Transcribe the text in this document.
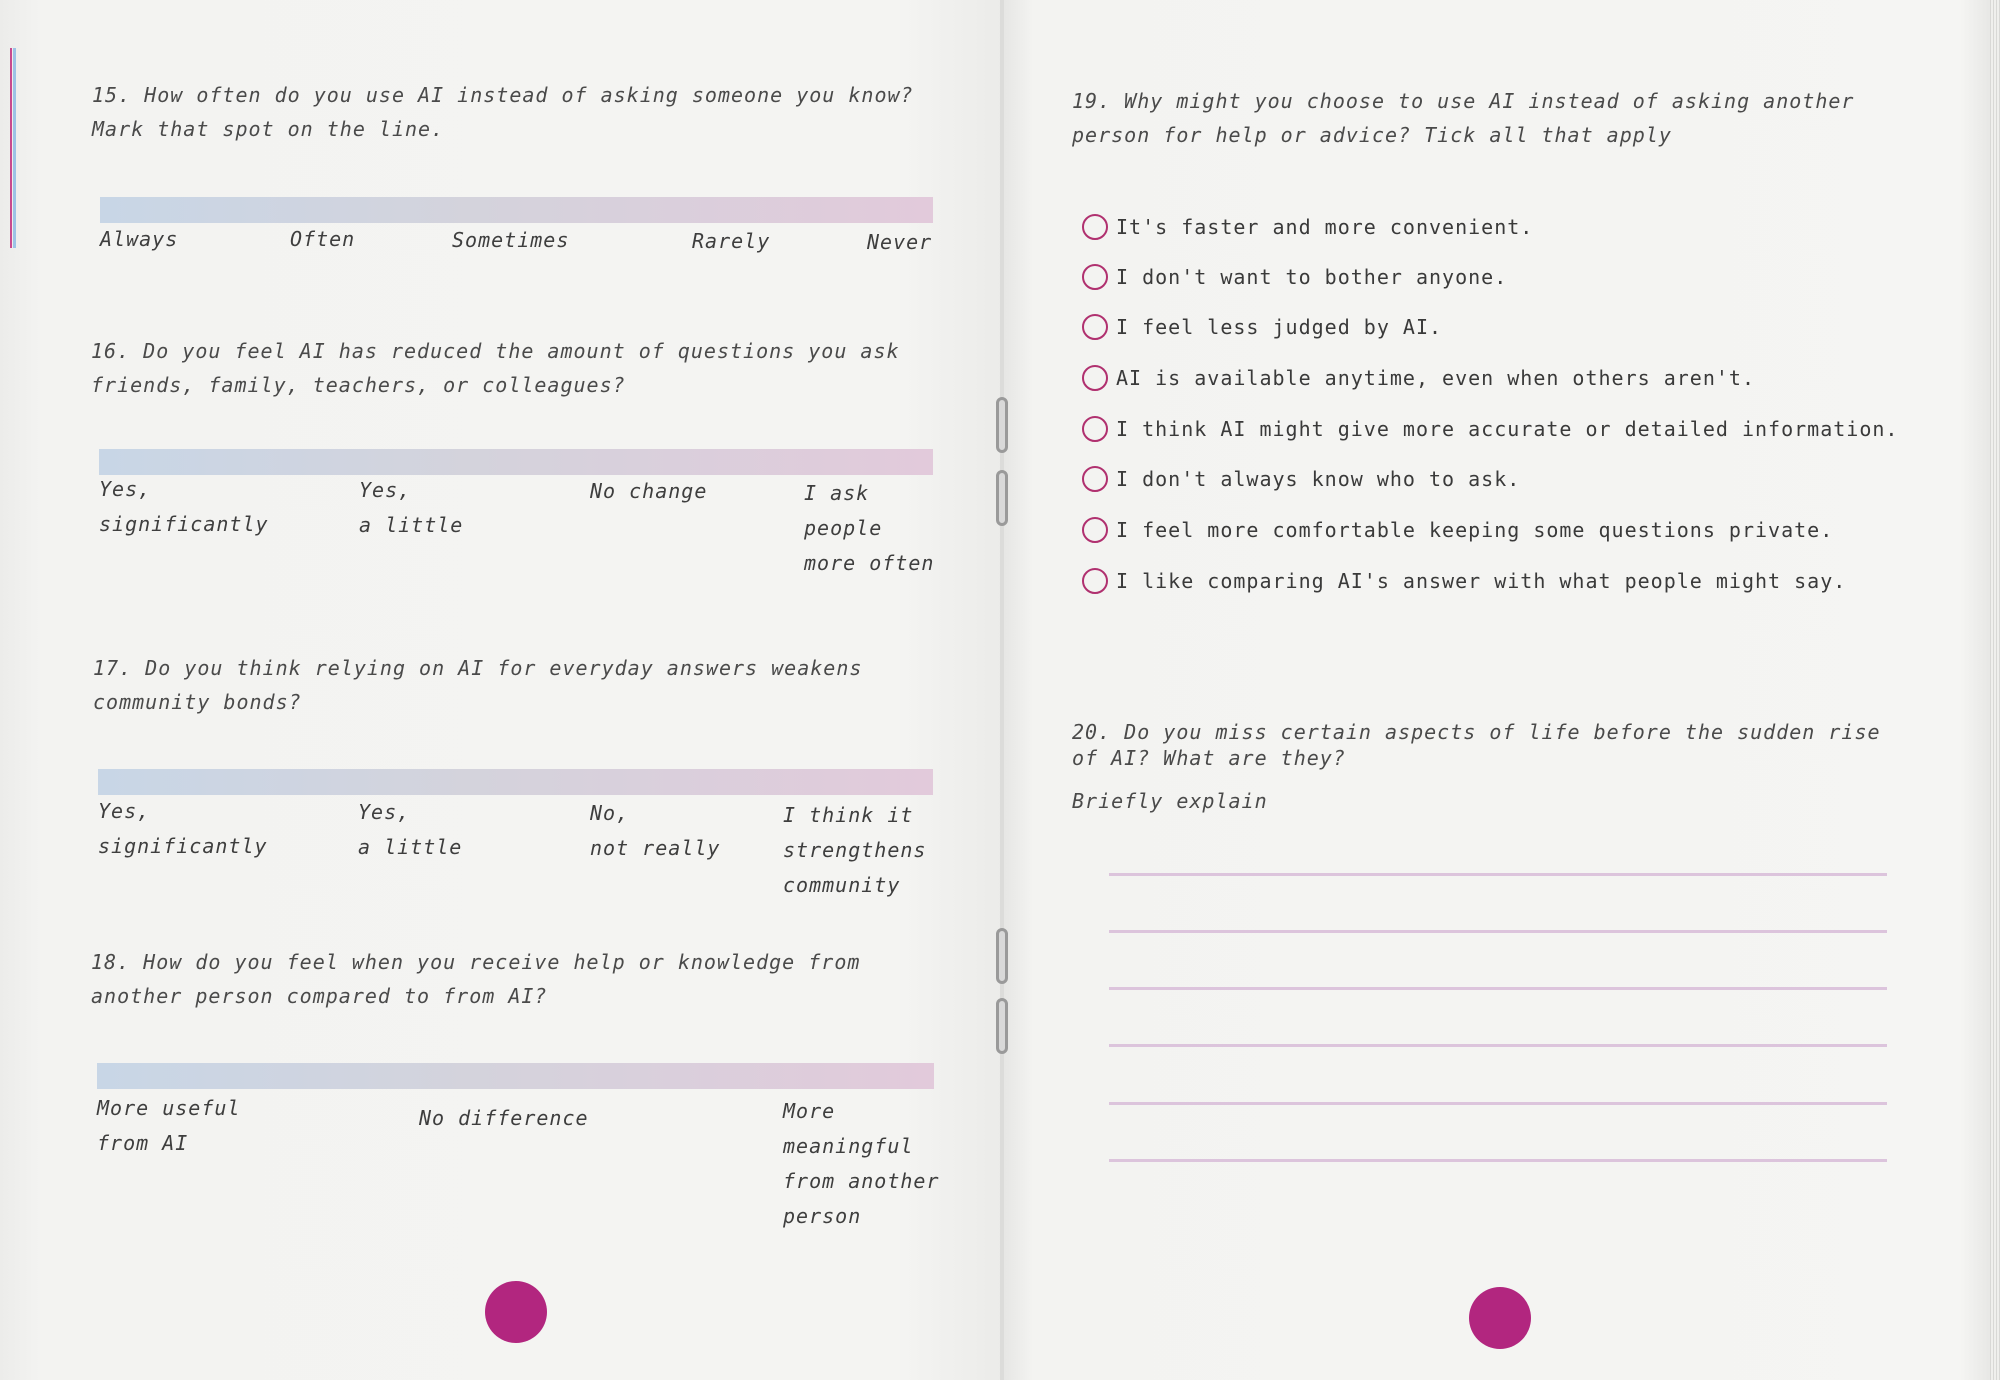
15. How often do you use AI instead of asking someone you know?
Mark that spot on the line.
Always	Often	Sometimes	Rarely	Never
16. Do you feel AI has reduced the amount of questions you ask
friends, family, teachers, or colleagues?
Yes,
significantly
Yes,
a little
No change	I ask
people
more often
17. Do you think relying on AI for everyday answers weakens
community bonds?
Yes,
significantly
Yes,
a little
No,
not really
I think it
strengthens
community
18. How do you feel when you receive help or knowledge from
another person compared to from AI?
More useful
from AI
No difference	More
meaningful
from another
person
19. Why might you choose to use AI instead of asking another
person for help or advice? Tick all that apply
It's faster and more convenient.
I don't want to bother anyone.
I feel less judged by AI.
AI is available anytime, even when others aren't.
I think AI might give more accurate or detailed information.
I don't always know who to ask.
I feel more comfortable keeping some questions private.
I like comparing AI's answer with what people might say.
20. Do you miss certain aspects of life before the sudden rise
of AI? What are they?
Briefly explain
